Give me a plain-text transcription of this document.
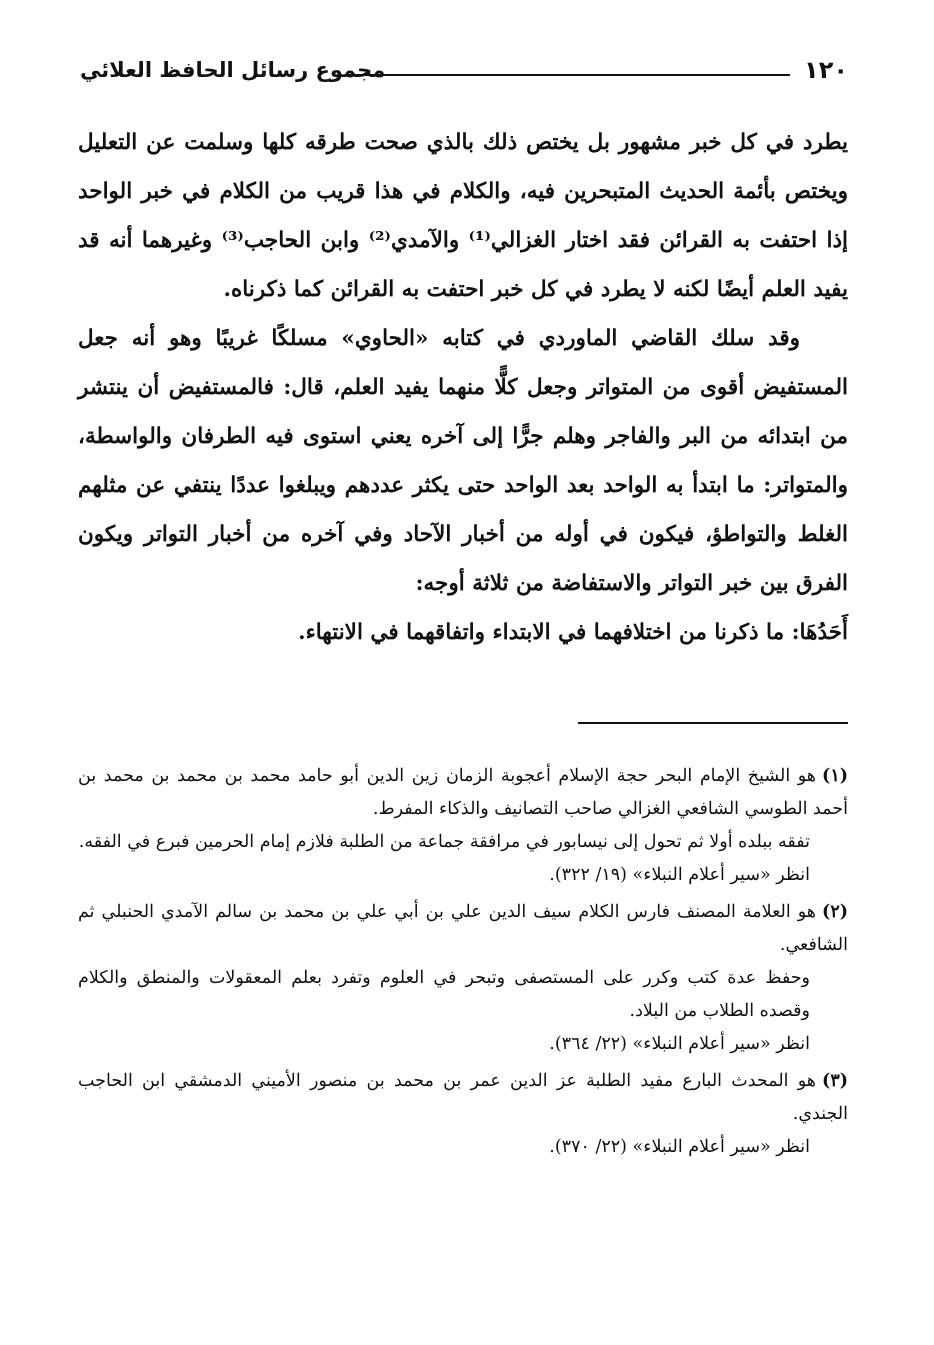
١٢٠
مجموع رسائل الحافظ العلائي

يطرد في كل خبر مشهور بل يختص ذلك بالذي صحت طرقه كلها وسلمت عن التعليل ويختص بأئمة الحديث المتبحرين فيه، والكلام في هذا قريب من الكلام في خبر الواحد إذا احتفت به القرائن فقد اختار الغزالي⁽¹⁾ والآمدي⁽²⁾ وابن الحاجب⁽³⁾ وغيرهما أنه قد يفيد العلم أيضًا لكنه لا يطرد في كل خبر احتفت به القرائن كما ذكرناه.

وقد سلك القاضي الماوردي في كتابه «الحاوي» مسلكًا غريبًا وهو أنه جعل المستفيض أقوى من المتواتر وجعل كلًّا منهما يفيد العلم، قال: فالمستفيض أن ينتشر من ابتدائه من البر والفاجر وهلم جرًّا إلى آخره يعني استوى فيه الطرفان والواسطة، والمتواتر: ما ابتدأ به الواحد بعد الواحد حتى يكثر عددهم ويبلغوا عددًا ينتفي عن مثلهم الغلط والتواطؤ، فيكون في أوله من أخبار الآحاد وفي آخره من أخبار التواتر ويكون الفرق بين خبر التواتر والاستفاضة من ثلاثة أوجه:

أَحَدُهَا: ما ذكرنا من اختلافهما في الابتداء واتفاقهما في الانتهاء.

(١)هو الشيخ الإمام البحر حجة الإسلام أعجوبة الزمان زين الدين أبو حامد محمد بن محمد بن محمد بن أحمد الطوسي الشافعي الغزالي صاحب التصانيف والذكاء المفرط.

تفقه ببلده أولا ثم تحول إلى نيسابور في مرافقة جماعة من الطلبة فلازم إمام الحرمين فبرع في الفقه.

انظر «سير أعلام النبلاء» (١٩/ ٣٢٢).

(٢)هو العلامة المصنف فارس الكلام سيف الدين علي بن أبي علي بن محمد بن سالم الآمدي الحنبلي ثم الشافعي.

وحفظ عدة كتب وكرر على المستصفى وتبحر في العلوم وتفرد بعلم المعقولات والمنطق والكلام وقصده الطلاب من البلاد.

انظر «سير أعلام النبلاء» (٢٢/ ٣٦٤).

(٣)هو المحدث البارع مفيد الطلبة عز الدين عمر بن محمد بن منصور الأميني الدمشقي ابن الحاجب الجندي.

انظر «سير أعلام النبلاء» (٢٢/ ٣٧٠).
